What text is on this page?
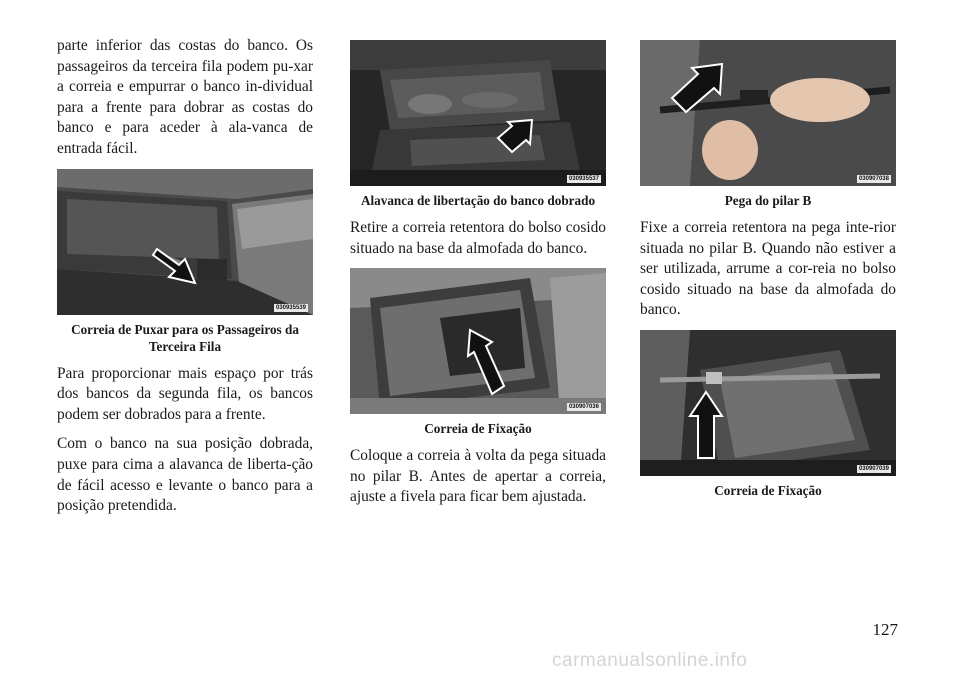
parte inferior das costas do banco. Os passageiros da terceira fila podem pu-xar a correia e empurrar o banco in-dividual para a frente para dobrar as costas do banco e para aceder à ala-vanca de entrada fácil.

030935539
Correia de Puxar para os Passageiros da Terceira Fila

Para proporcionar mais espaço por trás dos bancos da segunda fila, os bancos podem ser dobrados para a frente.

Com o banco na sua posição dobrada, puxe para cima a alavanca de liberta-ção de fácil acesso e levante o banco para a posição pretendida.

030935537
Alavanca de libertação do banco dobrado

Retire a correia retentora do bolso cosido situado na base da almofada do banco.

030907036
Correia de Fixação

Coloque a correia à volta da pega situada no pilar B. Antes de apertar a correia, ajuste a fivela para ficar bem ajustada.

030907038
Pega do pilar B

Fixe a correia retentora na pega inte-rior situada no pilar B. Quando não estiver a ser utilizada, arrume a cor-reia no bolso cosido situado na base da almofada do banco.

030907039
Correia de Fixação
127
carmanualsonline.info
